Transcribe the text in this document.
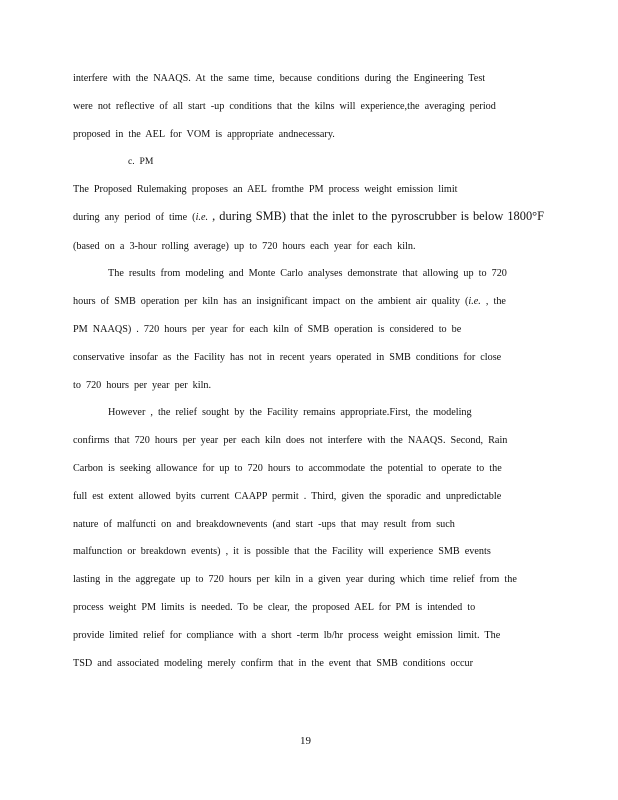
interfere with the NAAQS. At the same time, because conditions during the Engineering Test
were not reflective of all start -up conditions that the kilns will experience,the averaging period
proposed in the AEL for VOM is appropriate andnecessary.
c. PM
The Proposed Rulemaking proposes an AEL fromthe PM process weight emission limit
during any period of time (i.e. , during SMB) that the inlet to the pyroscrubber is below 1800°F
(based on a 3-hour rolling average) up to 720 hours each year for each kiln.
The results from modeling and Monte Carlo analyses demonstrate that allowing up to 720
hours of SMB operation per kiln has an insignificant impact on the ambient air quality (i.e. , the
PM NAAQS) . 720 hours per year for each kiln of SMB operation is considered to be
conservative insofar as the Facility has not in recent years operated in SMB conditions for close
to 720 hours per year per kiln.
However , the relief sought by the Facility remains appropriate.First, the modeling
confirms that 720 hours per year per each kiln does not interfere with the NAAQS. Second, Rain
Carbon is seeking allowance for up to 720 hours to accommodate the potential to operate to the
full est extent allowed byits current CAAPP permit . Third, given the sporadic and unpredictable
nature of malfuncti on and breakdownevents (and start -ups that may result from such
malfunction or breakdown events) , it is possible that the Facility will experience SMB events
lasting in the aggregate up to 720 hours per kiln in a given year during which time relief from the
process weight PM limits is needed. To be clear, the proposed AEL for PM is intended to
provide limited relief for compliance with a short -term lb/hr process weight emission limit. The
TSD and associated modeling merely confirm that in the event that SMB conditions occur
19
